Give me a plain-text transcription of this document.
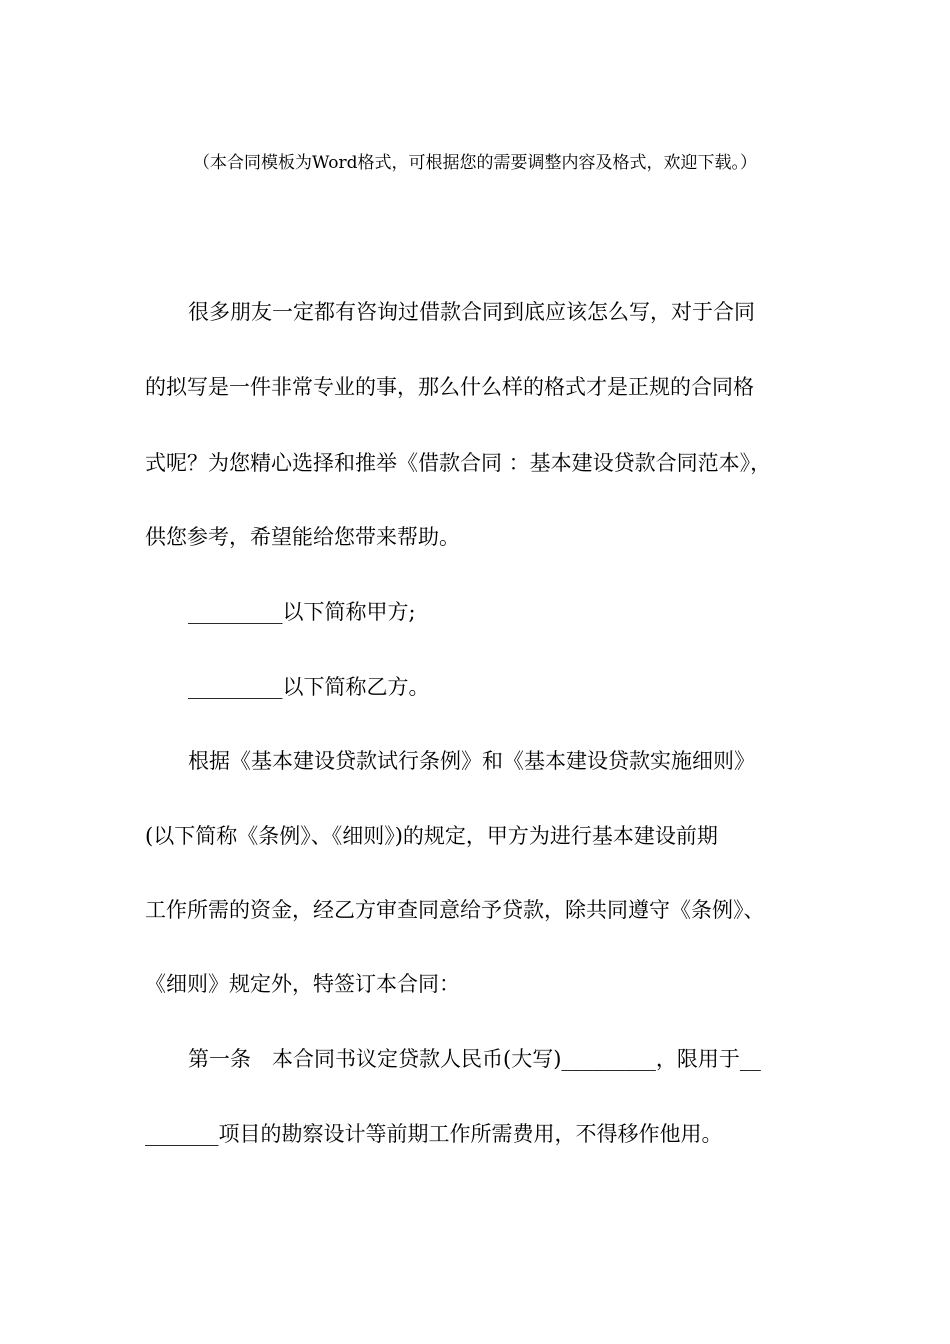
（本合同模板为Word格式，可根据您的需要调整内容及格式，欢迎下载。）
很多朋友一定都有咨询过借款合同到底应该怎么写，对于合同
的拟写是一件非常专业的事，那么什么样的格式才是正规的合同格
式呢？为您精心选择和推举《借款合同 ：基本建设贷款合同范本》，
供您参考，希望能给您带来帮助。
_________以下简称甲方;
_________以下简称乙方。
根据《基本建设贷款试行条例》和《基本建设贷款实施细则》
(以下简称《条例》、《细则》)的规定，甲方为进行基本建设前期
工作所需的资金，经乙方审查同意给予贷款，除共同遵守《条例》、
《细则》规定外，特签订本合同：
第一条　本合同书议定贷款人民币(大写)_________，限用于__
_______项目的勘察设计等前期工作所需费用，不得移作他用。
